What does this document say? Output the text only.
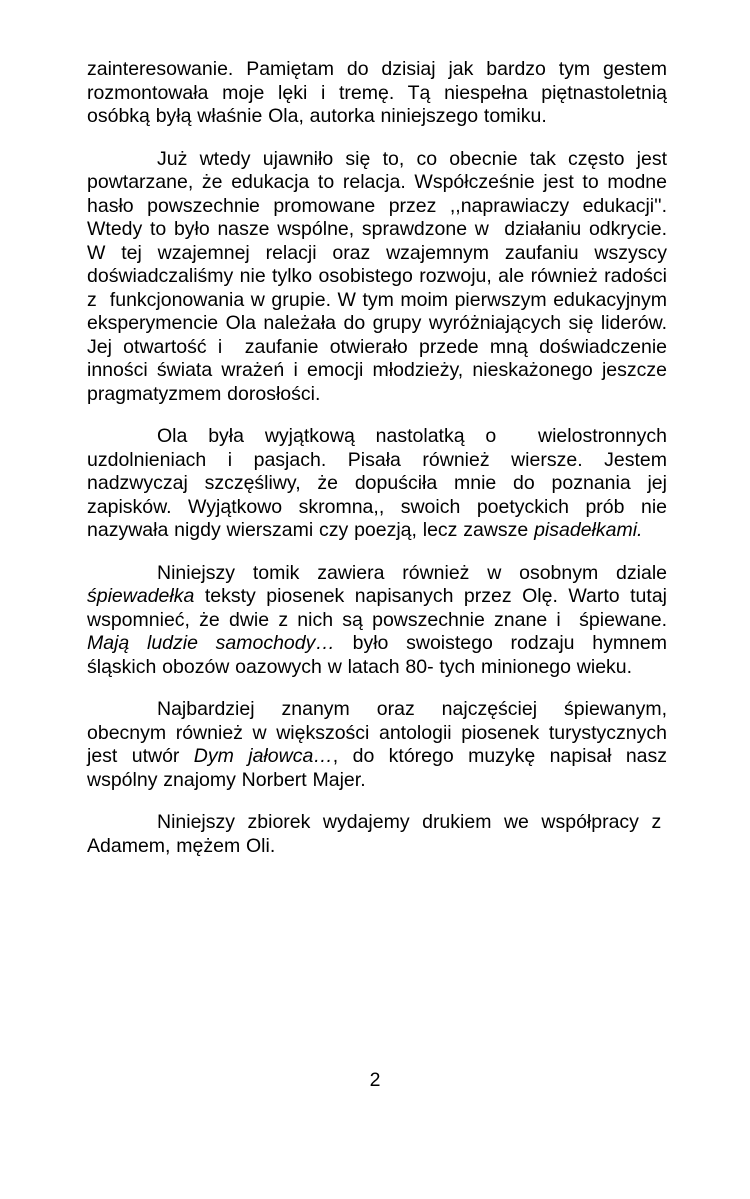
zainteresowanie. Pamiętam do dzisiaj jak bardzo tym gestem rozmontowała moje lęki i tremę. Tą niespełna piętnastoletnią osóbką byłą właśnie Ola, autorka niniejszego tomiku.

Już wtedy ujawniło się to, co obecnie tak często jest powtarzane, że edukacja to relacja. Współcześnie jest to modne hasło powszechnie promowane przez ,,naprawiaczy edukacji''. Wtedy to było nasze wspólne, sprawdzone w  działaniu odkrycie. W tej wzajemnej relacji oraz wzajemnym zaufaniu wszyscy doświadczaliśmy nie tylko osobistego rozwoju, ale również radości z  funkcjonowania w grupie. W tym moim pierwszym edukacyjnym eksperymencie Ola należała do grupy wyróżniających się liderów. Jej otwartość i  zaufanie otwierało przede mną doświadczenie inności świata wrażeń i emocji młodzieży, nieskażonego jeszcze pragmatyzmem dorosłości.

Ola była wyjątkową nastolatką o  wielostronnych uzdolnieniach i pasjach. Pisała również wiersze. Jestem nadzwyczaj szczęśliwy, że dopuściła mnie do poznania jej zapisków. Wyjątkowo skromna,, swoich poetyckich prób nie nazywała nigdy wierszami czy poezją, lecz zawsze pisadełkami.

Niniejszy tomik zawiera również w osobnym dziale śpiewadełka teksty piosenek napisanych przez Olę. Warto tutaj wspomnieć, że dwie z nich są powszechnie znane i  śpiewane. Mają ludzie samochody… było swoistego rodzaju hymnem śląskich obozów oazowych w latach 80- tych minionego wieku.

Najbardziej znanym oraz najczęściej śpiewanym, obecnym również w większości antologii piosenek turystycznych jest utwór Dym jałowca…, do którego muzykę napisał nasz wspólny znajomy Norbert Majer.

Niniejszy zbiorek wydajemy drukiem we współpracy z  Adamem, mężem Oli.

2
